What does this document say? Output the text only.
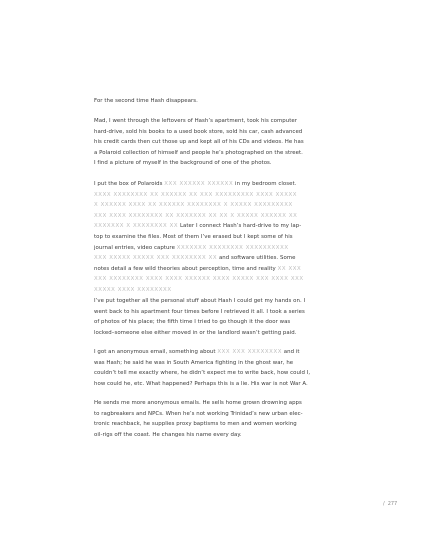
For the second time Hash disappears.

Mad, I went through the leftovers of Hash’s apartment, took his computer

hard-drive, sold his books to a used book store, sold his car, cash advanced

his credit cards then cut those up and kept all of his CDs and videos. He has

a Polaroid collection of himself and people he’s photographed on the street.

I find a picture of myself in the background of one of the photos.

I put the box of Polaroids XXX XXXXXX XXXXXX in my bedroom closet.

XXXX XXXXXXXX XX XXXXXX XX XXX XXXXXXXXX XXXX XXXXX

X XXXXXX XXXX XX XXXXXX XXXXXXXX X XXXXX XXXXXXXXX

XXX XXXX XXXXXXXX XX XXXXXXX XX XX X XXXXX XXXXXX XX

XXXXXXX X XXXXXXXX XX Later I connect Hash’s hard-drive to my lap-

top to examine the files. Most of them I’ve erased but I kept some of his

journal entries, video capture XXXXXXX XXXXXXXX XXXXXXXXXX

XXX XXXXX XXXXX XXX XXXXXXXX XX and software utilities. Some

notes detail a few wild theories about perception, time and reality XX XXX

XXX XXXXXXXX XXXX XXXX XXXXXX XXXX XXXXX XXX XXXX XXX

XXXXX XXXX XXXXXXXX

I’ve put together all the personal stuff about Hash I could get my hands on. I

went back to his apartment four times before I retrieved it all. I took a series

of photos of his place; the fifth time I tried to go though it the door was

locked–someone else either moved in or the landlord wasn’t getting paid.

I got an anonymous email, something about XXX XXX XXXXXXXX and it

was Hash; he said he was in South America fighting in the ghost war, he

couldn’t tell me exactly where, he didn’t expect me to write back, how could I,

how could he, etc. What happened? Perhaps this is a lie. His war is not War A.

He sends me more anonymous emails. He sells home grown drowning apps

to ragbreakers and NPCs. When he’s not working Trinidad’s new urban elec-

tronic reachback, he supplies proxy baptisms to men and women working

oil-rigs off the coast. He changes his name every day.

/ 277
